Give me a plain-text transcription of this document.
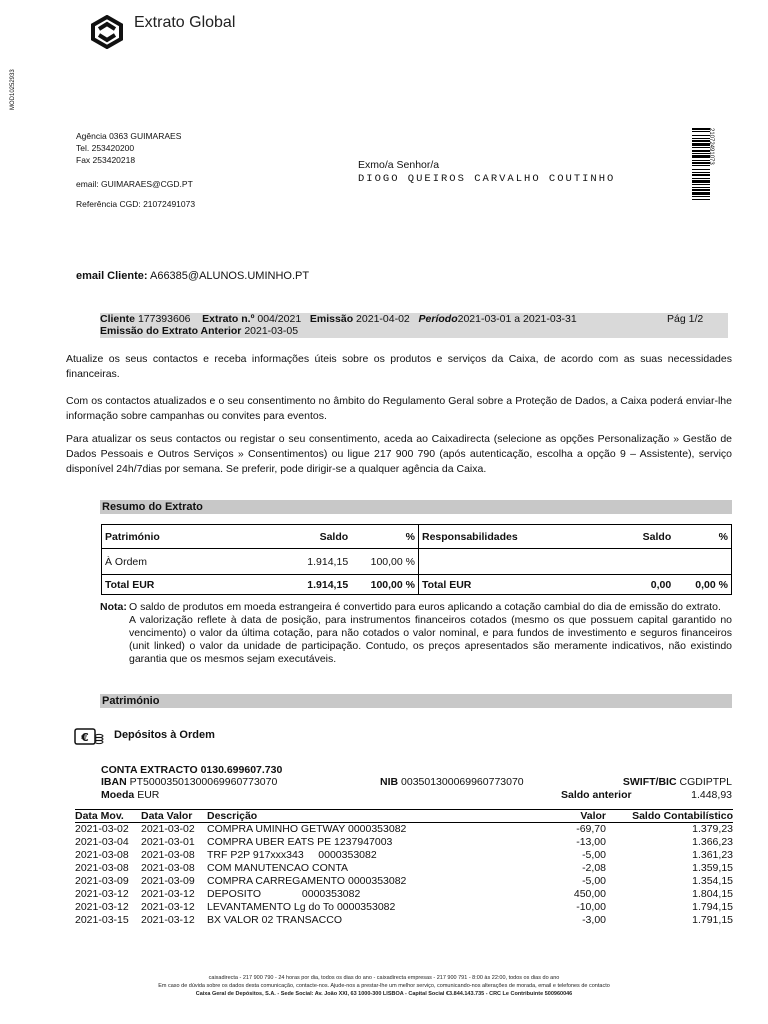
Extrato Global
MOD10252933
21072491073
Agência 0363 GUIMARAES
Tel. 253420200
Fax 253420218
email: GUIMARAES@CGD.PT
Referência CGD: 21072491073
Exmo/a Senhor/a
DIOGO QUEIROS CARVALHO COUTINHO
email Cliente: A66385@ALUNOS.UMINHO.PT
Cliente 177393606 Extrato n.º 004/2021 Emissão 2021-04-02 Período2021-03-01 a 2021-03-31	Pág 1/2
Emissão do Extrato Anterior 2021-03-05
Atualize os seus contactos e receba informações úteis sobre os produtos e serviços da Caixa, de acordo com as suas necessidades financeiras.
Com os contactos atualizados e o seu consentimento no âmbito do Regulamento Geral sobre a Proteção de Dados, a Caixa poderá enviar-lhe informação sobre campanhas ou convites para eventos.
Para atualizar os seus contactos ou registar o seu consentimento, aceda ao Caixadirecta (selecione as opções Personalização » Gestão de Dados Pessoais e Outros Serviços » Consentimentos) ou ligue 217 900 790 (após autenticação, escolha a opção 9 – Assistente), serviço disponível 24h/7dias por semana. Se preferir, pode dirigir-se a qualquer agência da Caixa.
Resumo do Extrato
Património	Saldo	%	Responsabilidades	Saldo	%
À Ordem	1.914,15	100,00 %			
Total EUR	1.914,15	100,00 %	Total EUR	0,00	0,00 %
Nota: O saldo de produtos em moeda estrangeira é convertido para euros aplicando a cotação cambial do dia de emissão do extrato.
A valorização reflete à data de posição, para instrumentos financeiros cotados (mesmo os que possuem capital garantido no vencimento) o valor da última cotação, para não cotados o valor nominal, e para fundos de investimento e seguros financeiros (unit linked) o valor da unidade de participação. Contudo, os preços apresentados são meramente indicativos, não existindo garantia que os mesmos sejam executáveis.
Património
€ Depósitos à Ordem
CONTA EXTRACTO 0130.699607.730
IBAN PT50003501300069960773070	NIB 003501300069960773070	SWIFT/BIC CGDIPTPL
Moeda EUR	Saldo anterior	1.448,93
Data Mov. Data Valor Descrição	Valor Saldo Contabilístico
2021-03-02 2021-03-02 COMPRA UMINHO GETWAY 0000353082	-69,70	1.379,23
2021-03-04 2021-03-01 COMPRA UBER EATS PE 1237947003	-13,00	1.366,23
2021-03-08 2021-03-08 TRF P2P 917xxx343     0000353082	-5,00	1.361,23
2021-03-08 2021-03-08 COM MANUTENCAO CONTA	-2,08	1.359,15
2021-03-09 2021-03-09 COMPRA CARREGAMENTO 0000353082	-5,00	1.354,15
2021-03-12 2021-03-12 DEPOSITO              0000353082	450,00	1.804,15
2021-03-12 2021-03-12 LEVANTAMENTO Lg do To 0000353082	-10,00	1.794,15
2021-03-15 2021-03-12 BX VALOR 02 TRANSACCO	-3,00	1.791,15
caixadirecta - 217 900 790 - 24 horas por dia, todos os dias do ano - caixadirecta empresas - 217 900 791 - 8:00 às 22:00, todos os dias do ano
Em caso de dúvida sobre os dados desta comunicação, contacte-nos. Ajude-nos a prestar-lhe um melhor serviço, comunicando-nos alterações de morada, email e telefones de contacto
Caixa Geral de Depósitos, S.A. - Sede Social: Av. João XXI, 63 1000-300 LISBOA - Capital Social €3.844.143.735 - CRC Le Contribuinte 500960046
